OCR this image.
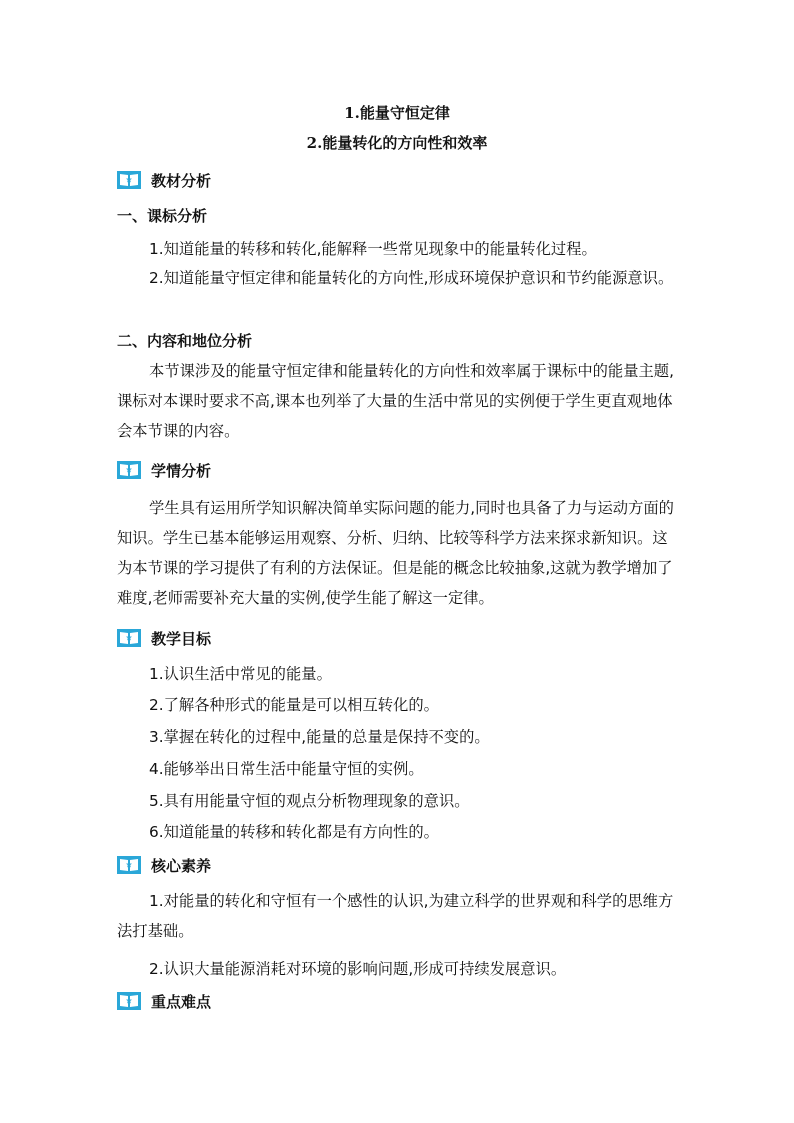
1.能量守恒定律
2.能量转化的方向性和效率
教材分析
一、课标分析
1.知道能量的转移和转化,能解释一些常见现象中的能量转化过程。
2.知道能量守恒定律和能量转化的方向性,形成环境保护意识和节约能源意识。
二、内容和地位分析
本节课涉及的能量守恒定律和能量转化的方向性和效率属于课标中的能量主题,课标对本课时要求不高,课本也列举了大量的生活中常见的实例便于学生更直观地体会本节课的内容。
学情分析
学生具有运用所学知识解决简单实际问题的能力,同时也具备了力与运动方面的知识。学生已基本能够运用观察、分析、归纳、比较等科学方法来探求新知识。这为本节课的学习提供了有利的方法保证。但是能的概念比较抽象,这就为教学增加了难度,老师需要补充大量的实例,使学生能了解这一定律。
教学目标
1.认识生活中常见的能量。
2.了解各种形式的能量是可以相互转化的。
3.掌握在转化的过程中,能量的总量是保持不变的。
4.能够举出日常生活中能量守恒的实例。
5.具有用能量守恒的观点分析物理现象的意识。
6.知道能量的转移和转化都是有方向性的。
核心素养
1.对能量的转化和守恒有一个感性的认识,为建立科学的世界观和科学的思维方法打基础。
2.认识大量能源消耗对环境的影响问题,形成可持续发展意识。
重点难点
